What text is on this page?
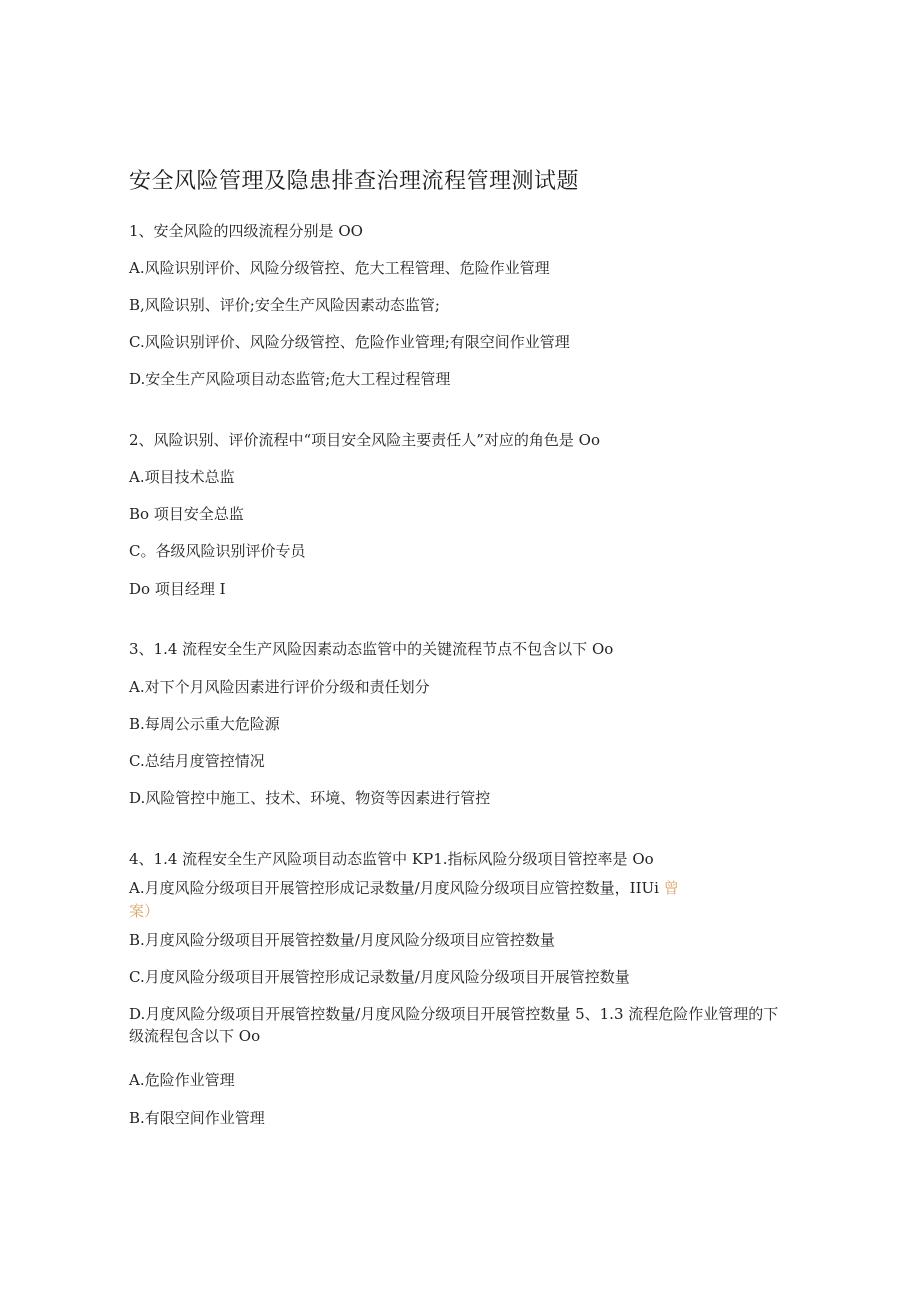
安全风险管理及隐患排查治理流程管理测试题
1、安全风险的四级流程分别是 OO
A.风险识别评价、风险分级管控、危大工程管理、危险作业管理
B,风险识别、评价;安全生产风险因素动态监管;
C.风险识别评价、风险分级管控、危险作业管理;有限空间作业管理
D.安全生产风险项目动态监管;危大工程过程管理
2、风险识别、评价流程中“项目安全风险主要责任人”对应的角色是 Oo
A.项目技术总监
Bo 项目安全总监
C。各级风险识别评价专员
Do 项目经理 I
3、1.4 流程安全生产风险因素动态监管中的关键流程节点不包含以下 Oo
A.对下个月风险因素进行评价分级和责任划分
B.每周公示重大危险源
C.总结月度管控情况
D.风险管控中施工、技术、环境、物资等因素进行管控
4、1.4 流程安全生产风险项目动态监管中 KP1.指标风险分级项目管控率是 Oo
A.月度风险分级项目开展管控形成记录数量/月度风险分级项目应管控数量，IIUi 曾
案）
B.月度风险分级项目开展管控数量/月度风险分级项目应管控数量
C.月度风险分级项目开展管控形成记录数量/月度风险分级项目开展管控数量
D.月度风险分级项目开展管控数量/月度风险分级项目开展管控数量 5、1.3 流程危险作业管理的下级流程包含以下 Oo
A.危险作业管理
B.有限空间作业管理
